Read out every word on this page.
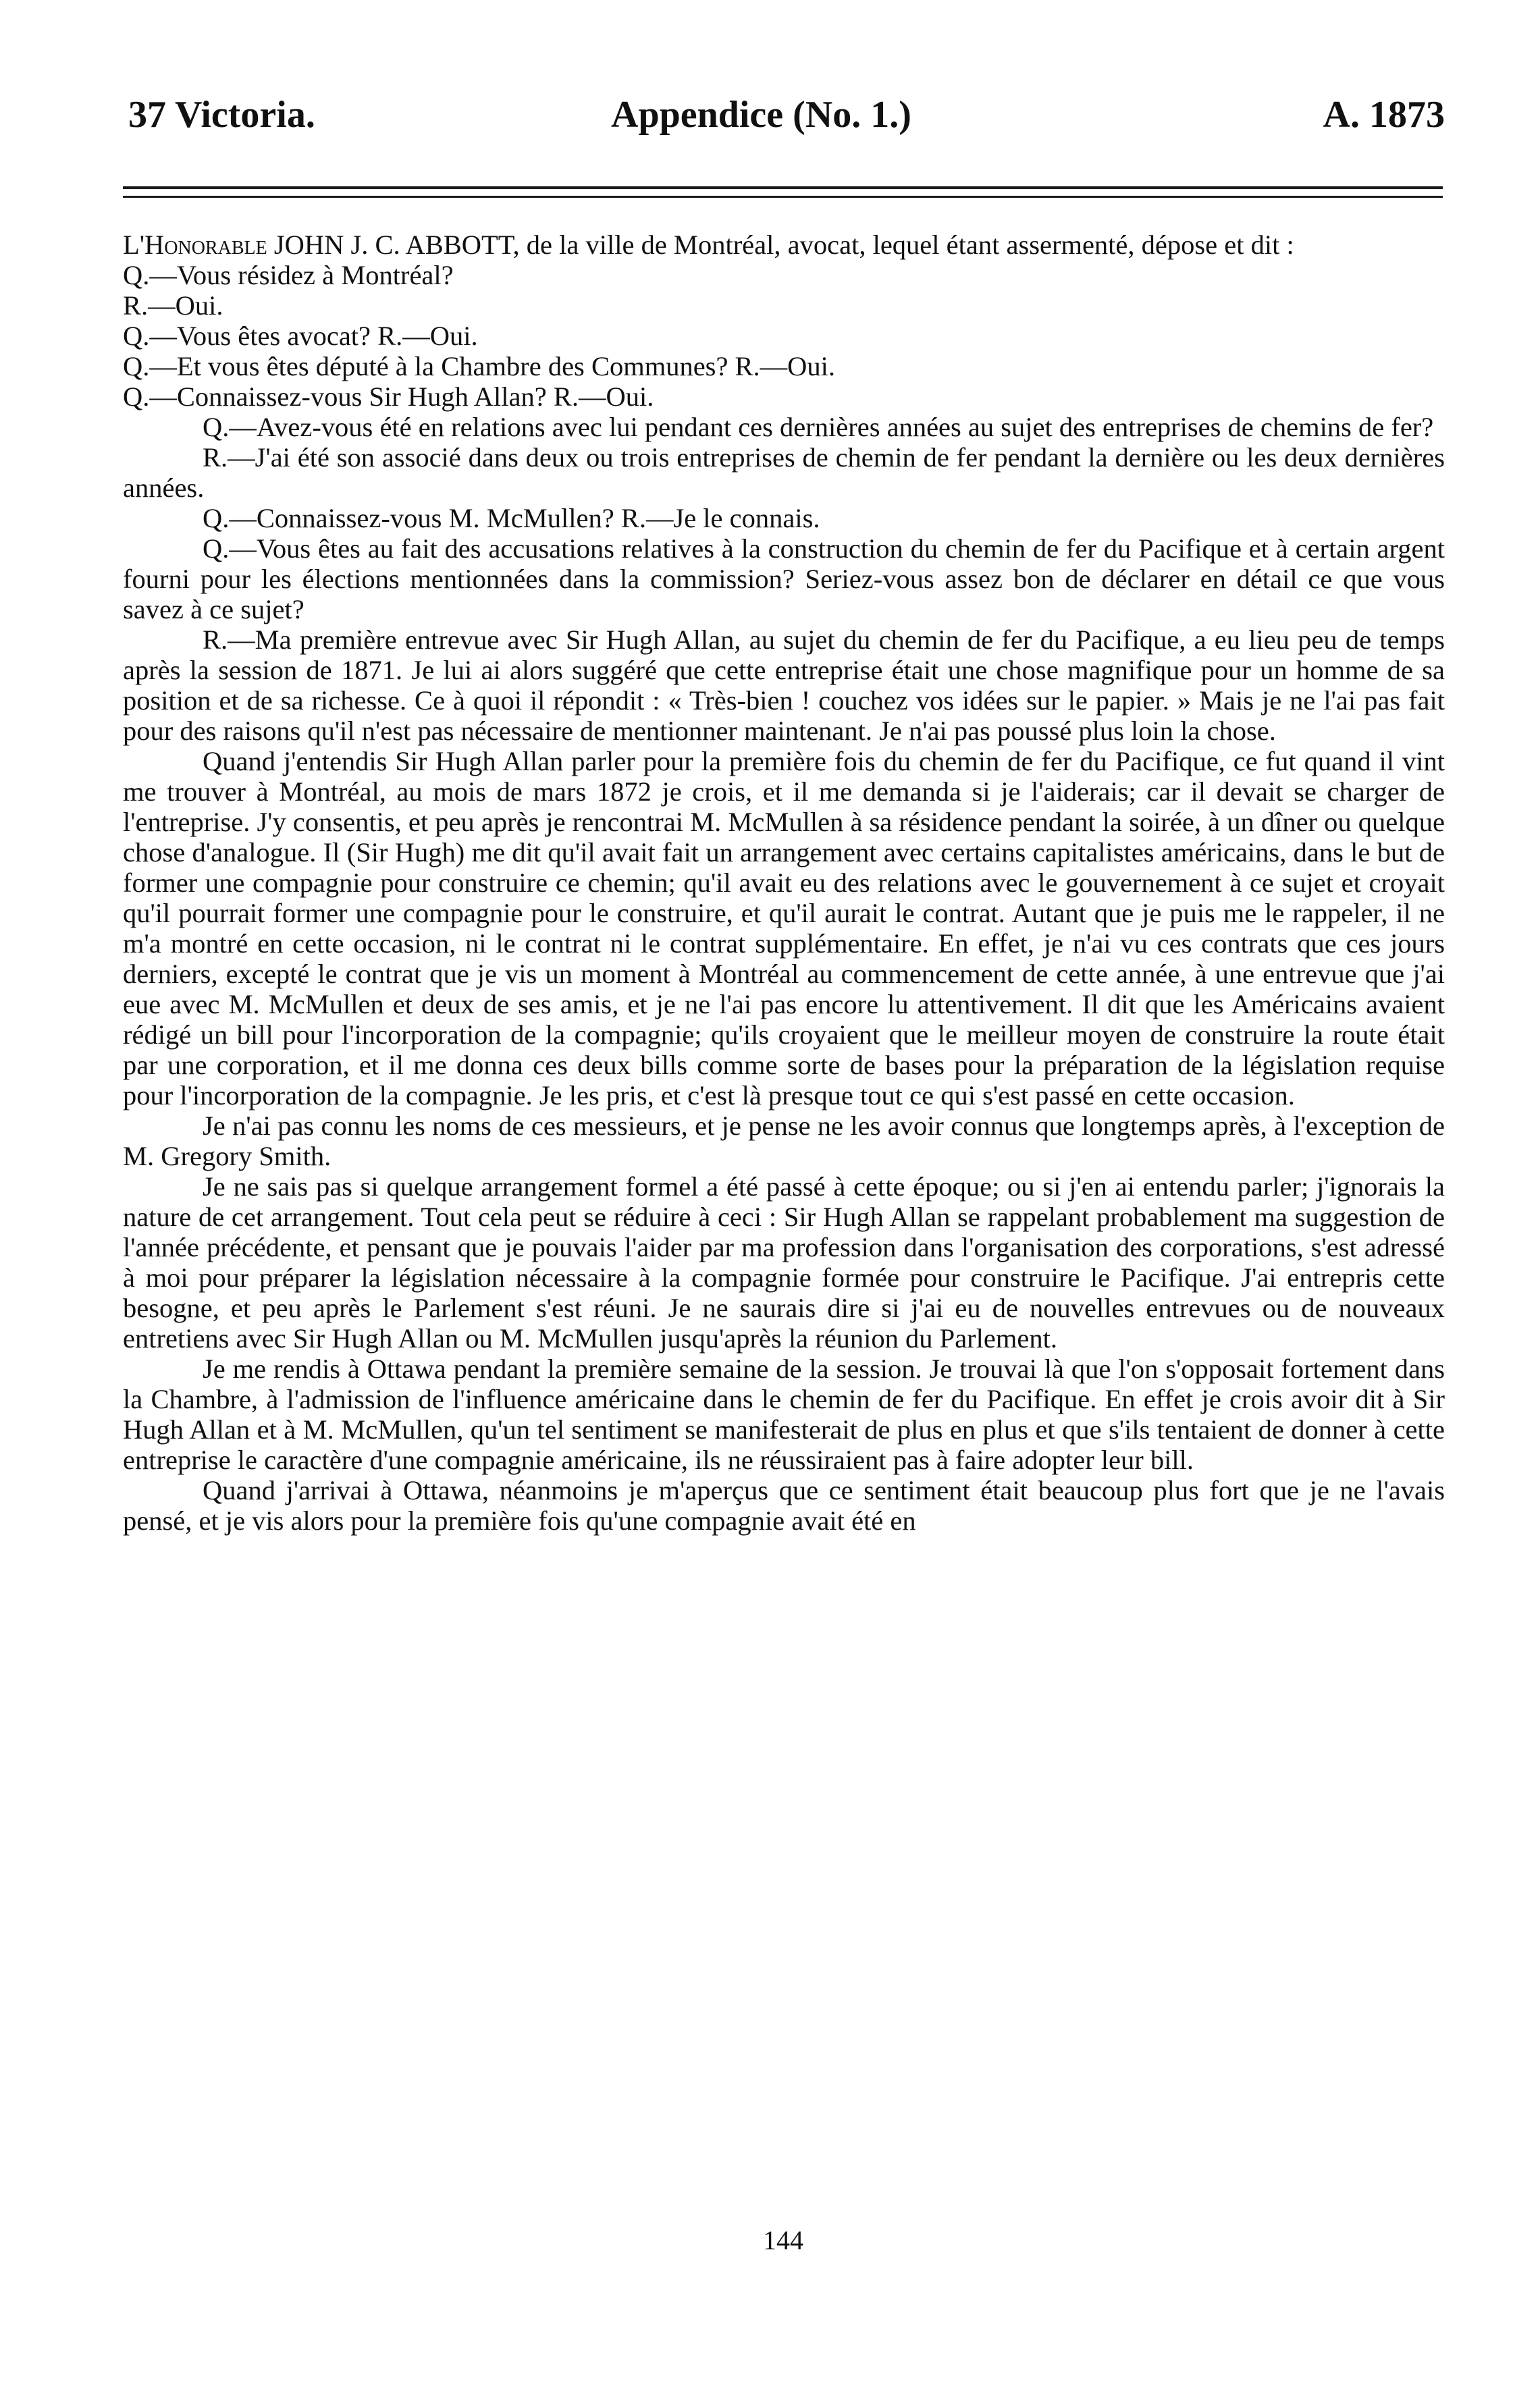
37 Victoria.	Appendice (No. 1.)	A. 1873

L'Honorable JOHN J. C. ABBOTT, de la ville de Montréal, avocat, lequel étant assermenté, dépose et dit :

Q.—Vous résidez à Montréal?

R.—Oui.

Q.—Vous êtes avocat? R.—Oui.

Q.—Et vous êtes député à la Chambre des Communes? R.—Oui.

Q.—Connaissez-vous Sir Hugh Allan? R.—Oui.

Q.—Avez-vous été en relations avec lui pendant ces dernières années au sujet des entreprises de chemins de fer?

R.—J'ai été son associé dans deux ou trois entreprises de chemin de fer pendant la dernière ou les deux dernières années.

Q.—Connaissez-vous M. McMullen? R.—Je le connais.

Q.—Vous êtes au fait des accusations relatives à la construction du chemin de fer du Pacifique et à certain argent fourni pour les élections mentionnées dans la commission? Seriez-vous assez bon de déclarer en détail ce que vous savez à ce sujet?

R.—Ma première entrevue avec Sir Hugh Allan, au sujet du chemin de fer du Pacifique, a eu lieu peu de temps après la session de 1871. Je lui ai alors suggéré que cette entreprise était une chose magnifique pour un homme de sa position et de sa richesse. Ce à quoi il répondit : « Très-bien ! couchez vos idées sur le papier. » Mais je ne l'ai pas fait pour des raisons qu'il n'est pas nécessaire de mentionner maintenant. Je n'ai pas poussé plus loin la chose.

Quand j'entendis Sir Hugh Allan parler pour la première fois du chemin de fer du Pacifique, ce fut quand il vint me trouver à Montréal, au mois de mars 1872 je crois, et il me demanda si je l'aiderais; car il devait se charger de l'entreprise. J'y consentis, et peu après je rencontrai M. McMullen à sa résidence pendant la soirée, à un dîner ou quelque chose d'analogue. Il (Sir Hugh) me dit qu'il avait fait un arrangement avec certains capitalistes américains, dans le but de former une compagnie pour construire ce chemin; qu'il avait eu des relations avec le gouvernement à ce sujet et croyait qu'il pourrait former une compagnie pour le construire, et qu'il aurait le contrat. Autant que je puis me le rappeler, il ne m'a montré en cette occasion, ni le contrat ni le contrat supplémentaire. En effet, je n'ai vu ces contrats que ces jours derniers, excepté le contrat que je vis un moment à Montréal au commencement de cette année, à une entrevue que j'ai eue avec M. McMullen et deux de ses amis, et je ne l'ai pas encore lu attentivement. Il dit que les Américains avaient rédigé un bill pour l'incorporation de la compagnie; qu'ils croyaient que le meilleur moyen de construire la route était par une corporation, et il me donna ces deux bills comme sorte de bases pour la préparation de la législation requise pour l'incorporation de la compagnie. Je les pris, et c'est là presque tout ce qui s'est passé en cette occasion.

Je n'ai pas connu les noms de ces messieurs, et je pense ne les avoir connus que longtemps après, à l'exception de M. Gregory Smith.

Je ne sais pas si quelque arrangement formel a été passé à cette époque; ou si j'en ai entendu parler; j'ignorais la nature de cet arrangement. Tout cela peut se réduire à ceci : Sir Hugh Allan se rappelant probablement ma suggestion de l'année précédente, et pensant que je pouvais l'aider par ma profession dans l'organisation des corporations, s'est adressé à moi pour préparer la législation nécessaire à la compagnie formée pour construire le Pacifique. J'ai entrepris cette besogne, et peu après le Parlement s'est réuni. Je ne saurais dire si j'ai eu de nouvelles entrevues ou de nouveaux entretiens avec Sir Hugh Allan ou M. McMullen jusqu'après la réunion du Parlement.

Je me rendis à Ottawa pendant la première semaine de la session. Je trouvai là que l'on s'opposait fortement dans la Chambre, à l'admission de l'influence américaine dans le chemin de fer du Pacifique. En effet je crois avoir dit à Sir Hugh Allan et à M. McMullen, qu'un tel sentiment se manifesterait de plus en plus et que s'ils tentaient de donner à cette entreprise le caractère d'une compagnie américaine, ils ne réussiraient pas à faire adopter leur bill.

Quand j'arrivai à Ottawa, néanmoins je m'aperçus que ce sentiment était beaucoup plus fort que je ne l'avais pensé, et je vis alors pour la première fois qu'une compagnie avait été en

144
